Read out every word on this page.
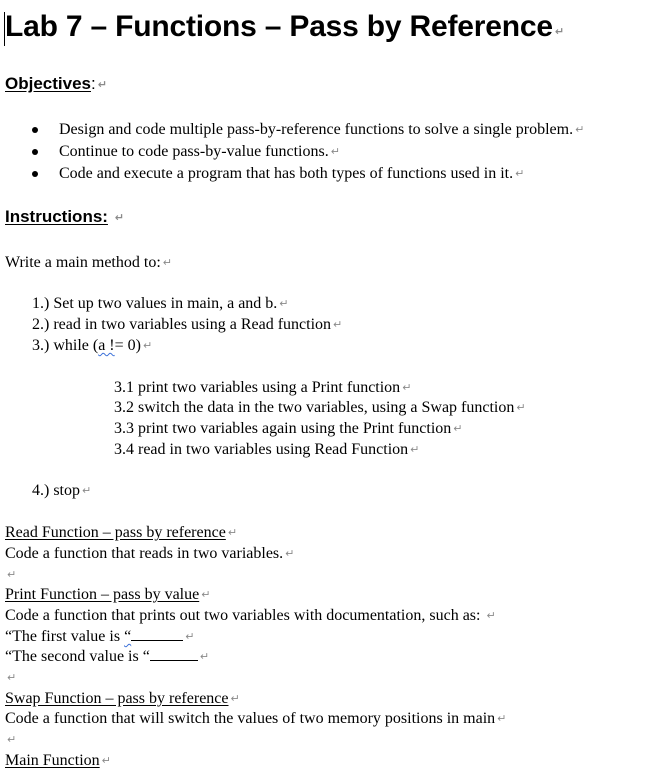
Lab 7 – Functions – Pass by Reference ↵
Objectives: ↵
Design and code multiple pass-by-reference functions to solve a single problem. ↵
Continue to code pass-by-value functions. ↵
Code and execute a program that has both types of functions used in it. ↵
Instructions: ↵
Write a main method to: ↵
1.) Set up two values in main, a and b. ↵
2.) read in two variables using a Read function ↵
3.) while (a != 0) ↵
3.1 print two variables using a Print function ↵
3.2 switch the data in the two variables, using a Swap function ↵
3.3 print two variables again using the Print function ↵
3.4 read in two variables using Read Function ↵
4.) stop ↵
Read Function – pass by reference ↵
Code a function that reads in two variables. ↵
↵
Print Function – pass by value ↵
Code a function that prints out two variables with documentation, such as: ↵
“The first value is “	↵
“The second value is “	↵
↵
Swap Function – pass by reference ↵
Code a function that will switch the values of two memory positions in main ↵
↵
Main Function ↵
